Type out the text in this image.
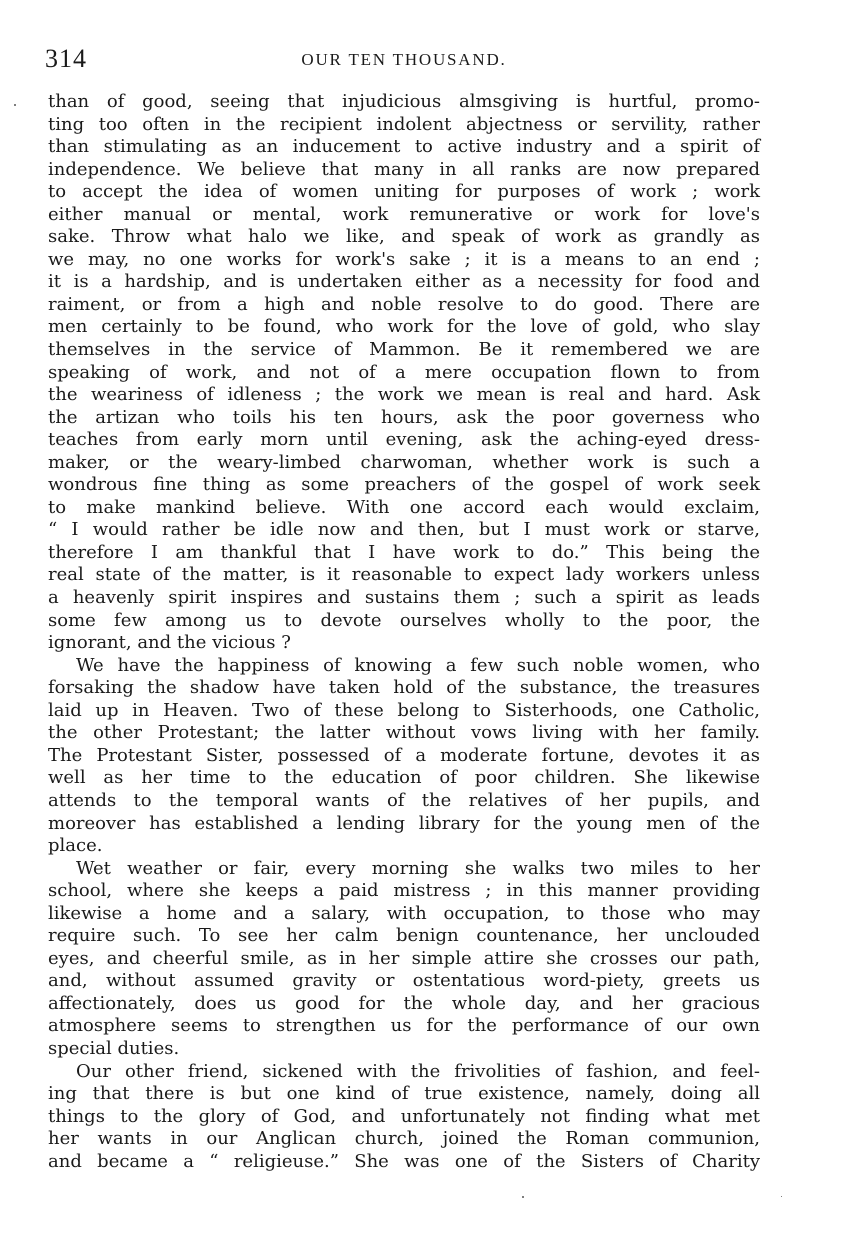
314	OUR TEN THOUSAND.
than of good, seeing that injudicious almsgiving is hurtful, promo-
ting too often in the recipient indolent abjectness or servility, rather
than stimulating as an inducement to active industry and a spirit of
independence. We believe that many in all ranks are now prepared
to accept the idea of women uniting for purposes of work ; work
either manual or mental, work remunerative or work for love's
sake. Throw what halo we like, and speak of work as grandly as
we may, no one works for work's sake ; it is a means to an end ;
it is a hardship, and is undertaken either as a necessity for food and
raiment, or from a high and noble resolve to do good. There are
men certainly to be found, who work for the love of gold, who slay
themselves in the service of Mammon. Be it remembered we are
speaking of work, and not of a mere occupation flown to from
the weariness of idleness ; the work we mean is real and hard. Ask
the artizan who toils his ten hours, ask the poor governess who
teaches from early morn until evening, ask the aching-eyed dress-
maker, or the weary-limbed charwoman, whether work is such a
wondrous fine thing as some preachers of the gospel of work seek
to make mankind believe. With one accord each would exclaim,
“ I would rather be idle now and then, but I must work or starve,
therefore I am thankful that I have work to do.” This being the
real state of the matter, is it reasonable to expect lady workers unless
a heavenly spirit inspires and sustains them ; such a spirit as leads
some few among us to devote ourselves wholly to the poor, the
ignorant, and the vicious ?
We have the happiness of knowing a few such noble women, who
forsaking the shadow have taken hold of the substance, the treasures
laid up in Heaven. Two of these belong to Sisterhoods, one Catholic,
the other Protestant; the latter without vows living with her family.
The Protestant Sister, possessed of a moderate fortune, devotes it as
well as her time to the education of poor children. She likewise
attends to the temporal wants of the relatives of her pupils, and
moreover has established a lending library for the young men of the
place.
Wet weather or fair, every morning she walks two miles to her
school, where she keeps a paid mistress ; in this manner providing
likewise a home and a salary, with occupation, to those who may
require such. To see her calm benign countenance, her unclouded
eyes, and cheerful smile, as in her simple attire she crosses our path,
and, without assumed gravity or ostentatious word-piety, greets us
affectionately, does us good for the whole day, and her gracious
atmosphere seems to strengthen us for the performance of our own
special duties.
Our other friend, sickened with the frivolities of fashion, and feel-
ing that there is but one kind of true existence, namely, doing all
things to the glory of God, and unfortunately not finding what met
her wants in our Anglican church, joined the Roman communion,
and became a “ religieuse.” She was one of the Sisters of Charity
